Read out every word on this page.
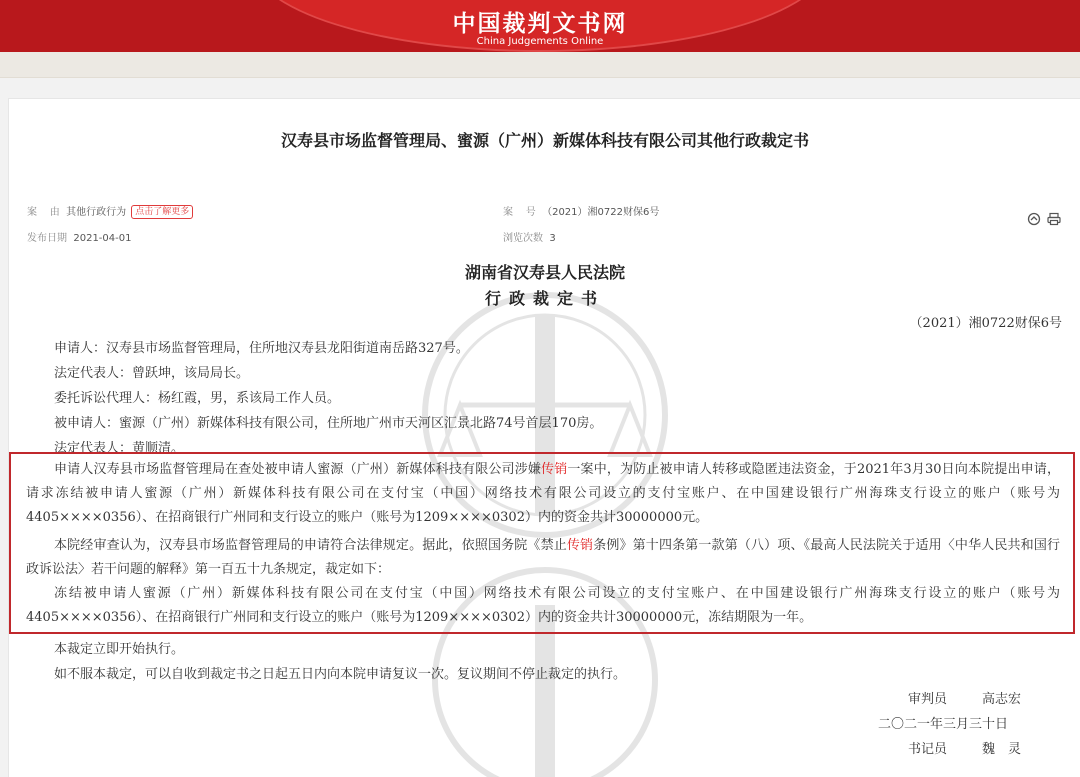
中国裁判文书网
China Judgements Online
汉寿县市场监督管理局、蜜源（广州）新媒体科技有限公司其他行政裁定书
案    由 其他行政行为 点击了解更多	案    号 （2021）湘0722财保6号
发布日期 2021-04-01	浏览次数 3
湖南省汉寿县人民法院
行政裁定书
（2021）湘0722财保6号
申请人：汉寿县市场监督管理局，住所地汉寿县龙阳街道南岳路327号。
法定代表人：曾跃坤，该局局长。
委托诉讼代理人：杨红霞，男，系该局工作人员。
被申请人：蜜源（广州）新媒体科技有限公司，住所地广州市天河区汇景北路74号首层170房。
法定代表人：黄顺清。
申请人汉寿县市场监督管理局在查处被申请人蜜源（广州）新媒体科技有限公司涉嫌传销一案中，为防止被申请人转移或隐匿违法资金，于2021年3月30日向本院提出申请，请求冻结被申请人蜜源（广州）新媒体科技有限公司在支付宝（中国）网络技术有限公司设立的支付宝账户、在中国建设银行广州海珠支行设立的账户（账号为4405××××0356）、在招商银行广州同和支行设立的账户（账号为1209××××0302）内的资金共计30000000元。
本院经审查认为，汉寿县市场监督管理局的申请符合法律规定。据此，依照国务院《禁止传销条例》第十四条第一款第（八）项、《最高人民法院关于适用〈中华人民共和国行政诉讼法〉若干问题的解释》第一百五十九条规定，裁定如下：
冻结被申请人蜜源（广州）新媒体科技有限公司在支付宝（中国）网络技术有限公司设立的支付宝账户、在中国建设银行广州海珠支行设立的账户（账号为4405××××0356）、在招商银行广州同和支行设立的账户（账号为1209××××0302）内的资金共计30000000元，冻结期限为一年。
本裁定立即开始执行。
如不服本裁定，可以自收到裁定书之日起五日内向本院申请复议一次。复议期间不停止裁定的执行。
审判员	高志宏
二〇二一年三月三十日
书记员	魏　灵
